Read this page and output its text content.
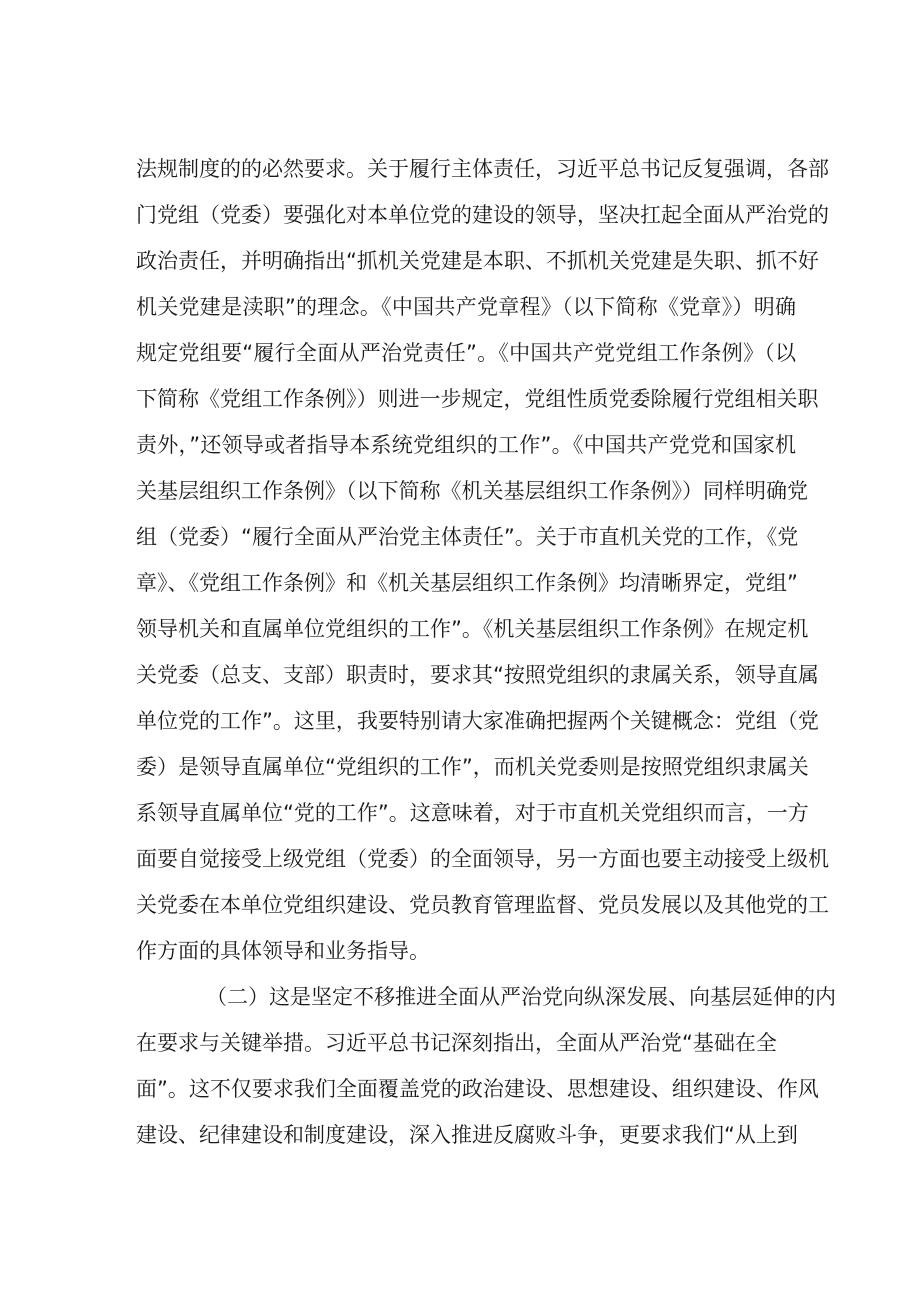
法规制度的的必然要求。关于履行主体责任，习近平总书记反复强调，各部
门党组（党委）要强化对本单位党的建设的领导，坚决扛起全面从严治党的
政治责任，并明确指出“抓机关党建是本职、不抓机关党建是失职、抓不好
机关党建是渎职”的理念。《中国共产党章程》（以下简称《党章》）明确
规定党组要“履行全面从严治党责任”。《中国共产党党组工作条例》（以
下简称《党组工作条例》）则进一步规定，党组性质党委除履行党组相关职
责外，”还领导或者指导本系统党组织的工作”。《中国共产党党和国家机
关基层组织工作条例》（以下简称《机关基层组织工作条例》）同样明确党
组（党委）“履行全面从严治党主体责任”。关于市直机关党的工作，《党
章》、《党组工作条例》和《机关基层组织工作条例》均清晰界定，党组”
领导机关和直属单位党组织的工作”。《机关基层组织工作条例》在规定机
关党委（总支、支部）职责时，要求其“按照党组织的隶属关系，领导直属
单位党的工作”。这里，我要特别请大家准确把握两个关键概念：党组（党
委）是领导直属单位“党组织的工作”，而机关党委则是按照党组织隶属关
系领导直属单位“党的工作”。这意味着，对于市直机关党组织而言，一方
面要自觉接受上级党组（党委）的全面领导，另一方面也要主动接受上级机
关党委在本单位党组织建设、党员教育管理监督、党员发展以及其他党的工
作方面的具体领导和业务指导。
（二）这是坚定不移推进全面从严治党向纵深发展、向基层延伸的内
在要求与关键举措。习近平总书记深刻指出，全面从严治党“基础在全
面”。这不仅要求我们全面覆盖党的政治建设、思想建设、组织建设、作风
建设、纪律建设和制度建设，深入推进反腐败斗争，更要求我们“从上到
